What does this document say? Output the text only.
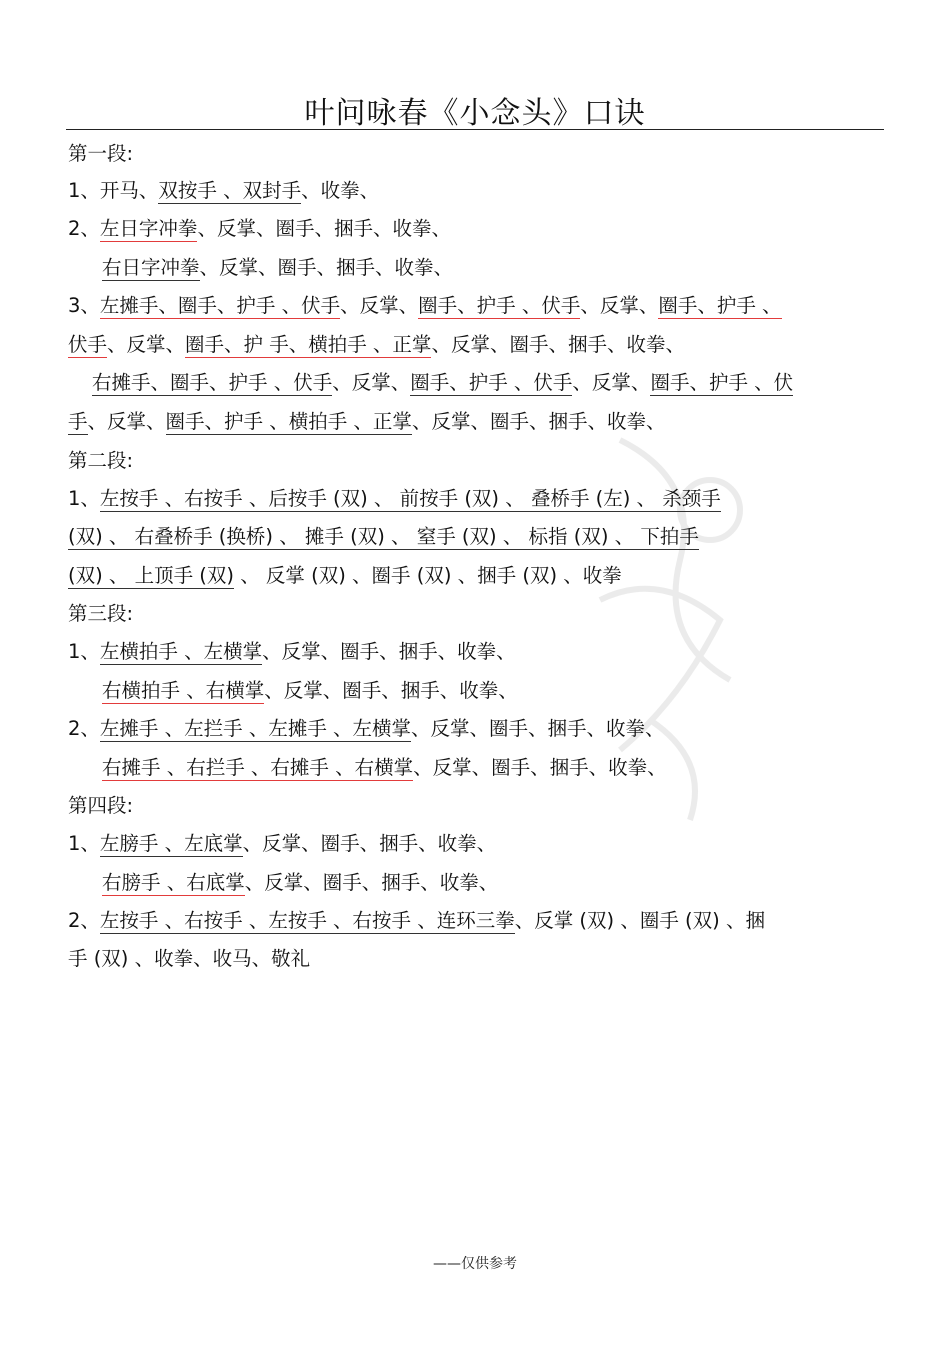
叶问咏春《小念头》口诀
第一段:
1、开马、双按手 、双封手、收拳、
2、左日字冲拳、反掌、圈手、捆手、收拳、
右日字冲拳、反掌、圈手、捆手、收拳、
3、左摊手、圈手、护手 、伏手、反掌、圈手、护手 、伏手、反掌、圈手、护手 、
伏手、反掌、圈手、护 手、横拍手 、正掌、反掌、圈手、捆手、收拳、
右摊手、圈手、护手 、伏手、反掌、圈手、护手 、伏手、反掌、圈手、护手 、伏
手、反掌、圈手、护手 、横拍手 、正掌、反掌、圈手、捆手、收拳、
第二段:
1、左按手 、右按手 、后按手 (双) 、 前按手 (双) 、 叠桥手 (左) 、 杀颈手
(双) 、 右叠桥手 (换桥) 、 摊手 (双) 、 窒手 (双) 、 标指 (双) 、 下拍手
(双) 、 上顶手 (双) 、 反掌 (双) 、圈手 (双) 、捆手 (双) 、收拳
第三段:
1、左横拍手 、左横掌、反掌、圈手、捆手、收拳、
右横拍手 、右横掌、反掌、圈手、捆手、收拳、
2、左摊手 、左拦手 、左摊手 、左横掌、反掌、圈手、捆手、收拳、
右摊手 、右拦手 、右摊手 、右横掌、反掌、圈手、捆手、收拳、
第四段:
1、左膀手 、左底掌、反掌、圈手、捆手、收拳、
右膀手 、右底掌、反掌、圈手、捆手、收拳、
2、左按手 、右按手 、左按手 、右按手 、连环三拳、反掌 (双) 、圈手 (双) 、捆
手 (双) 、收拳、收马、敬礼
——仅供参考
